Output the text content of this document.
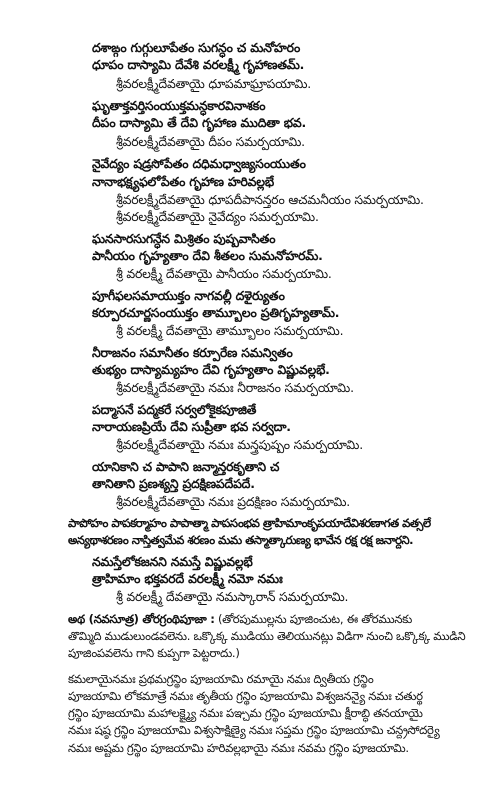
దశాఙ్గం గుగ్గులూపేతం సుగన్ధం చ మనోహరం
ధూపం దాస్యామి దేవేశి వరలక్ష్మీ గృహాణతమ్.
శ్రీవరలక్ష్మీదేవతాయై ధూపమాఘ్రాపయామి.
ఘృతాక్తవర్తిసంయుక్తమన్ధకారవినాశకం
దీపం దాస్యామి తే దేవి గృహాణ ముదితా భవ.
శ్రీవరలక్ష్మీదేవతాయై దీపం సమర్పయామి.
నైవేద్యం షడ్రసోపేతం దధిమధ్వాజ్యసంయుతం
నానాభక్ష్యఫలోపేతం గృహాణ హరివల్లభే
శ్రీవరలక్ష్మీదేవతాయై ధూపదీపానన్తరం ఆచమనీయం సమర్పయామి.
శ్రీవరలక్ష్మీదేవతాయై నైవేద్యం సమర్పయామి.
ఘనసారసుగన్ధేన మిశ్రితం పుష్పవాసితం
పానీయం గృహ్యతాం దేవి శీతలం సుమనోహరమ్.
శ్రీ వరలక్ష్మీ దేవతాయై పానీయం సమర్పయామి.
పూగీఫలసమాయుక్తం నాగవల్లీ దళైర్యుతం
కర్పూరచూర్ణసంయుక్తం తామ్బూలం ప్రతిగృహ్యతామ్.
శ్రీ వరలక్ష్మీ దేవతాయై తామ్బూలం సమర్పయామి.
నీరాజనం సమానీతం కర్పూరేణ సమన్వితం
తుభ్యం దాస్యామ్యహం దేవి గృహ్యతాం విష్ణువల్లభే.
శ్రీవరలక్ష్మీదేవతాయై నమః నీరాజనం సమర్పయామి.
పద్మాసనే పద్మకరే సర్వలోకైకపూజితే
నారాయణప్రియే దేవి సుప్రీతా భవ సర్వదా.
శ్రీవరలక్ష్మీదేవతాయై నమః మన్త్రపుష్పం సమర్పయామి.
యానికాని చ పాపాని జన్మాన్తరకృతాని చ
తానితాని ప్రణశ్యన్తి ప్రదక్షిణపదేపదే.
శ్రీవరలక్ష్మీదేవతాయై నమః ప్రదక్షిణం సమర్పయామి.
పాపోహం పాపకర్మాహం పాపాత్మా పాపసంభవ త్రాహిమాంకృపయాదేవిశరణాగత వత్సలే
అన్యథాశరణం నాస్తిత్వమేవ శరణం మమ తస్మాత్కారుణ్య భావేన రక్ష రక్ష జనార్దని.
నమస్తేలోకజనని నమస్తే విష్ణువల్లభే
త్రాహిమాం భక్తవరదే వరలక్ష్మీ నమో నమః
శ్రీ వరలక్ష్మీ దేవతాయై నమస్కారాన్ సమర్పయామి.
అథ (నవసూత్ర) తోరగ్రంథిపూజా : (తోరపుముల్లను పూజించుట, ఈ తోరమునకు
తొమ్మిది ముడులుండవలెను. ఒక్కొక్క ముడియు తెలియునట్లు విడిగా నుంచి ఒక్కొక్క ముడిని
పూజింపవలెను గాని కుప్పగా పెట్టరాదు.)
కమలాయైనమః ప్రథమగ్రన్థిం పూజయామి రమాయై నమః ద్వితీయ గ్రన్థిం
పూజయామి లోకమాత్రే నమః తృతీయ గ్రన్థిం పూజయామి విశ్వజనన్యై నమః చతుర్థ
గ్రన్థిం పూజయామి మహాలక్ష్మ్యై నమః పఞ్చమ గ్రన్థిం పూజయామి క్షీరాబ్ధి తనయాయై
నమః షష్ఠ గ్రన్థిం పూజయామి విశ్వసాక్షిణ్యై నమః సప్తమ గ్రన్థిం పూజయామి చన్ద్రసోదర్యై
నమః అష్టమ గ్రన్థిం పూజయామి హరివల్లభాయై నమః నవమ గ్రన్థిం పూజయామి.
